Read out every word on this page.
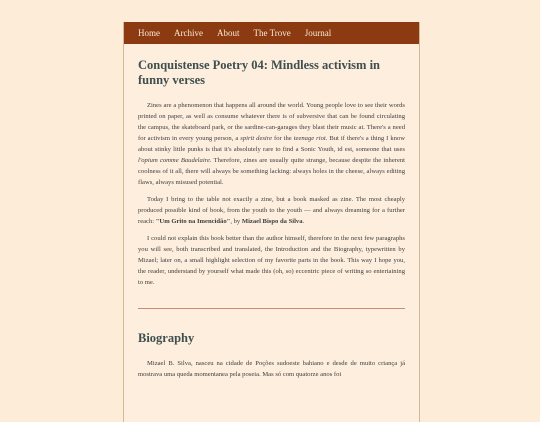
Home Archive About The Trove Journal
Conquistense Poetry 04: Mindless activism in funny verses

Zines are a phenomenon that happens all around the world. Young people love to see their words printed on paper, as well as consume whatever there is of subversive that can be found circulating the campus, the skateboard park, or the sardine-can-garages they blast their music at. There's a need for activism in every young person, a spirit desire for the teenage riot. But if there's a thing I know about stinky little punks is that it's absolutely rare to find a Sonic Youth, id est, someone that uses l'opium comme Baudelaire. Therefore, zines are usually quite strange, because despite the inherent coolness of it all, there will always be something lacking: always holes in the cheese, always editing flaws, always misused potential.

Today I bring to the table not exactly a zine, but a book masked as zine. The most cheaply produced possible kind of book, from the youth to the youth — and always dreaming for a further reach: "Um Grito na Imencidão", by Mizael Bispo da Silva.

I could not explain this book better than the author himself, therefore in the next few paragraphs you will see, both transcribed and translated, the Introduction and the Biography, typewritten by Mizael; later on, a small highlight selection of my favorite parts in the book. This way I hope you, the reader, understand by yourself what made this (oh, so) eccentric piece of writing so entertaining to me.

Biography

Mizael B. Silva, nasceu na cidade de Poções sudoeste bahiano e desde de muito criança já mostrava uma queda momentanea pela poseia. Mas só com quatorze anos foi
